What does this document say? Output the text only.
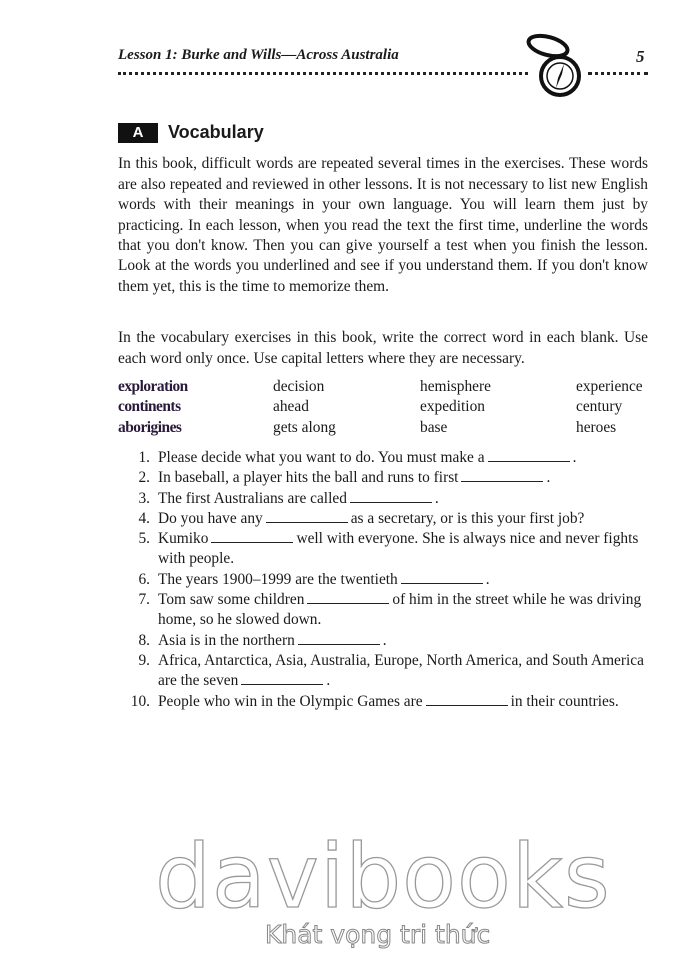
Lesson 1: Burke and Wills—Across Australia	5
A	Vocabulary

In this book, difficult words are repeated several times in the exercises. These words are also repeated and reviewed in other lessons. It is not necessary to list new English words with their meanings in your own language. You will learn them just by practicing. In each lesson, when you read the text the first time, underline the words that you don't know. Then you can give yourself a test when you finish the lesson. Look at the words you underlined and see if you understand them. If you don't know them yet, this is the time to memorize them.

In the vocabulary exercises in this book, write the correct word in each blank. Use each word only once. Use capital letters where they are necessary.

exploration	decision	hemisphere	experience
continents	ahead	expedition	century
aborigines	gets along	base	heroes
1. Please decide what you want to do. You must make a	.
2. In baseball, a player hits the ball and runs to first	.
3. The first Australians are called	.
4. Do you have any	as a secretary, or is this your first job?
5. Kumiko	well with everyone. She is always nice and never fights with people.
6. The years 1900–1999 are the twentieth	.
7. Tom saw some children	of him in the street while he was driving home, so he slowed down.
8. Asia is in the northern	.
9. Africa, Antarctica, Asia, Australia, Europe, North America, and South America are the seven	.
10. People who win in the Olympic Games are	in their countries.
davibooks
Khát vọng tri thức
